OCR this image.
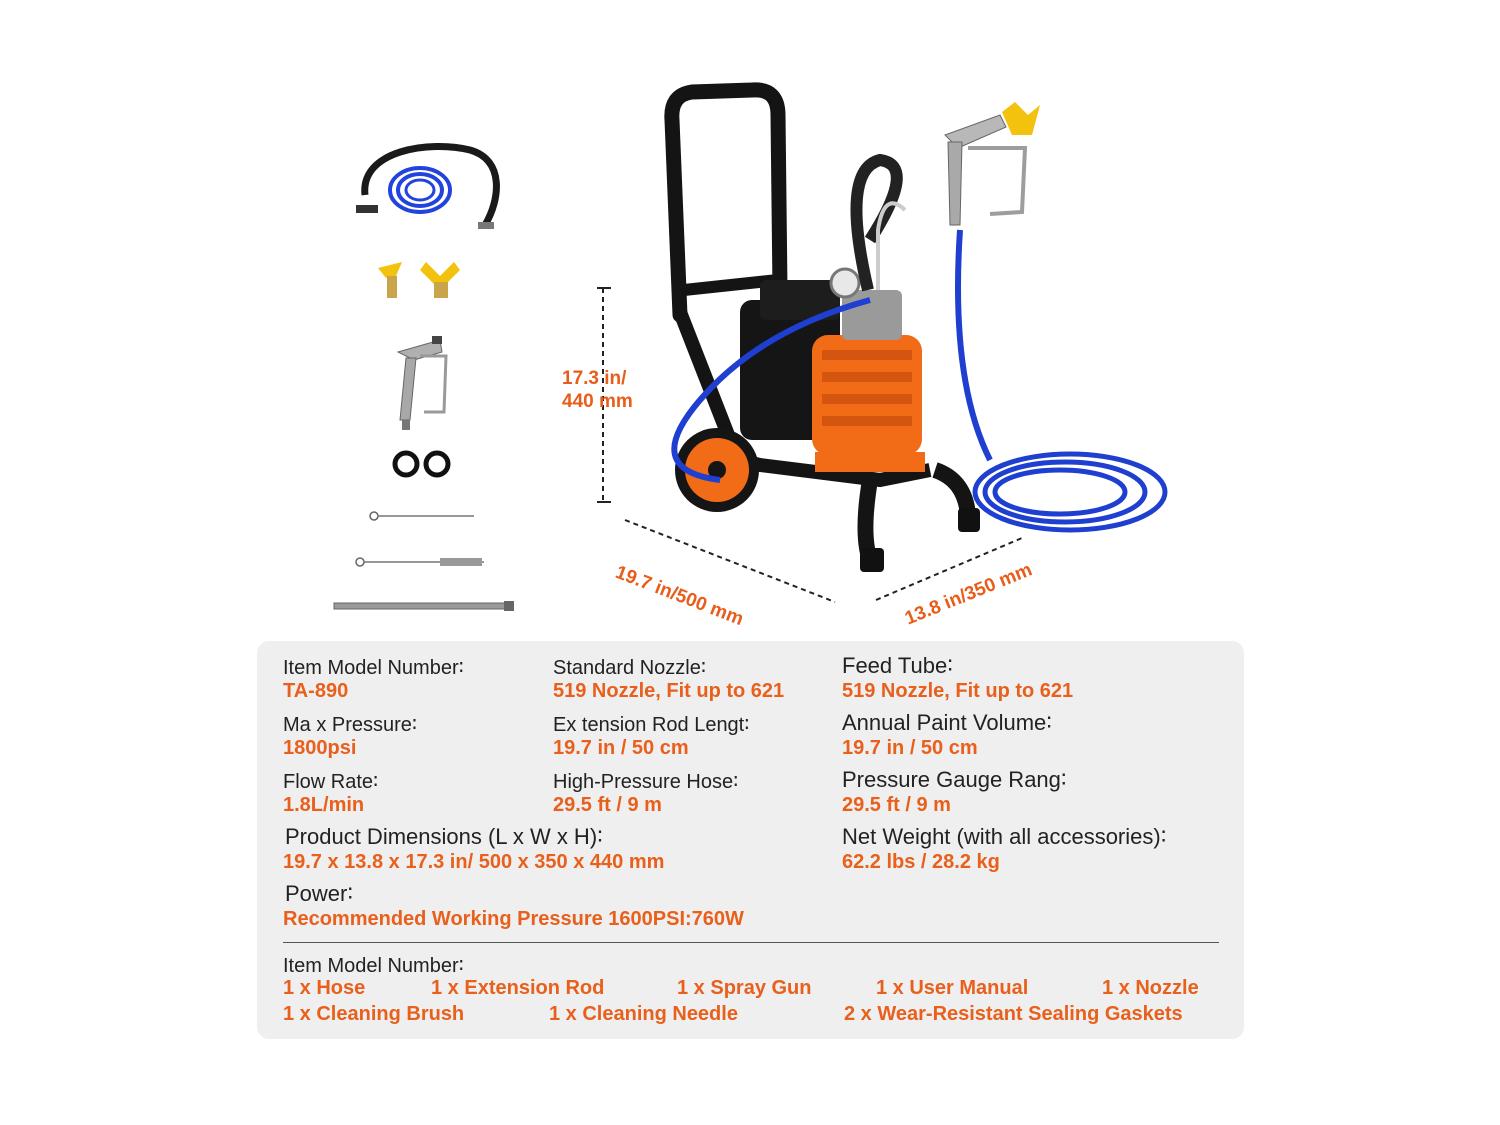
17.3 in/
440 mm
19.7 in/500 mm	13.8 in/350 mm
Item Model Number∶
TA-890
Standard Nozzle∶
519 Nozzle, Fit up to 621
Feed Tube∶
519 Nozzle, Fit up to 621
Ma x Pressure∶
1800psi
Ex tension Rod Lengt∶
19.7 in / 50 cm
Annual Paint Volume∶
19.7 in / 50 cm
Flow Rate∶
1.8L/min
High-Pressure Hose∶
29.5 ft / 9 m
Pressure Gauge Rang∶
29.5 ft / 9 m
Product Dimensions (L x W x H)∶
19.7 x 13.8 x 17.3 in/ 500 x 350 x 440 mm
Net Weight (with all accessories)∶
62.2 lbs / 28.2 kg
Power∶
Recommended Working Pressure 1600PSI:760W
Item Model Number∶
1 x Hose	1 x Extension Rod	1 x Spray Gun	1 x User Manual	1 x Nozzle
1 x Cleaning Brush	1 x Cleaning Needle	2 x Wear-Resistant Sealing Gaskets
